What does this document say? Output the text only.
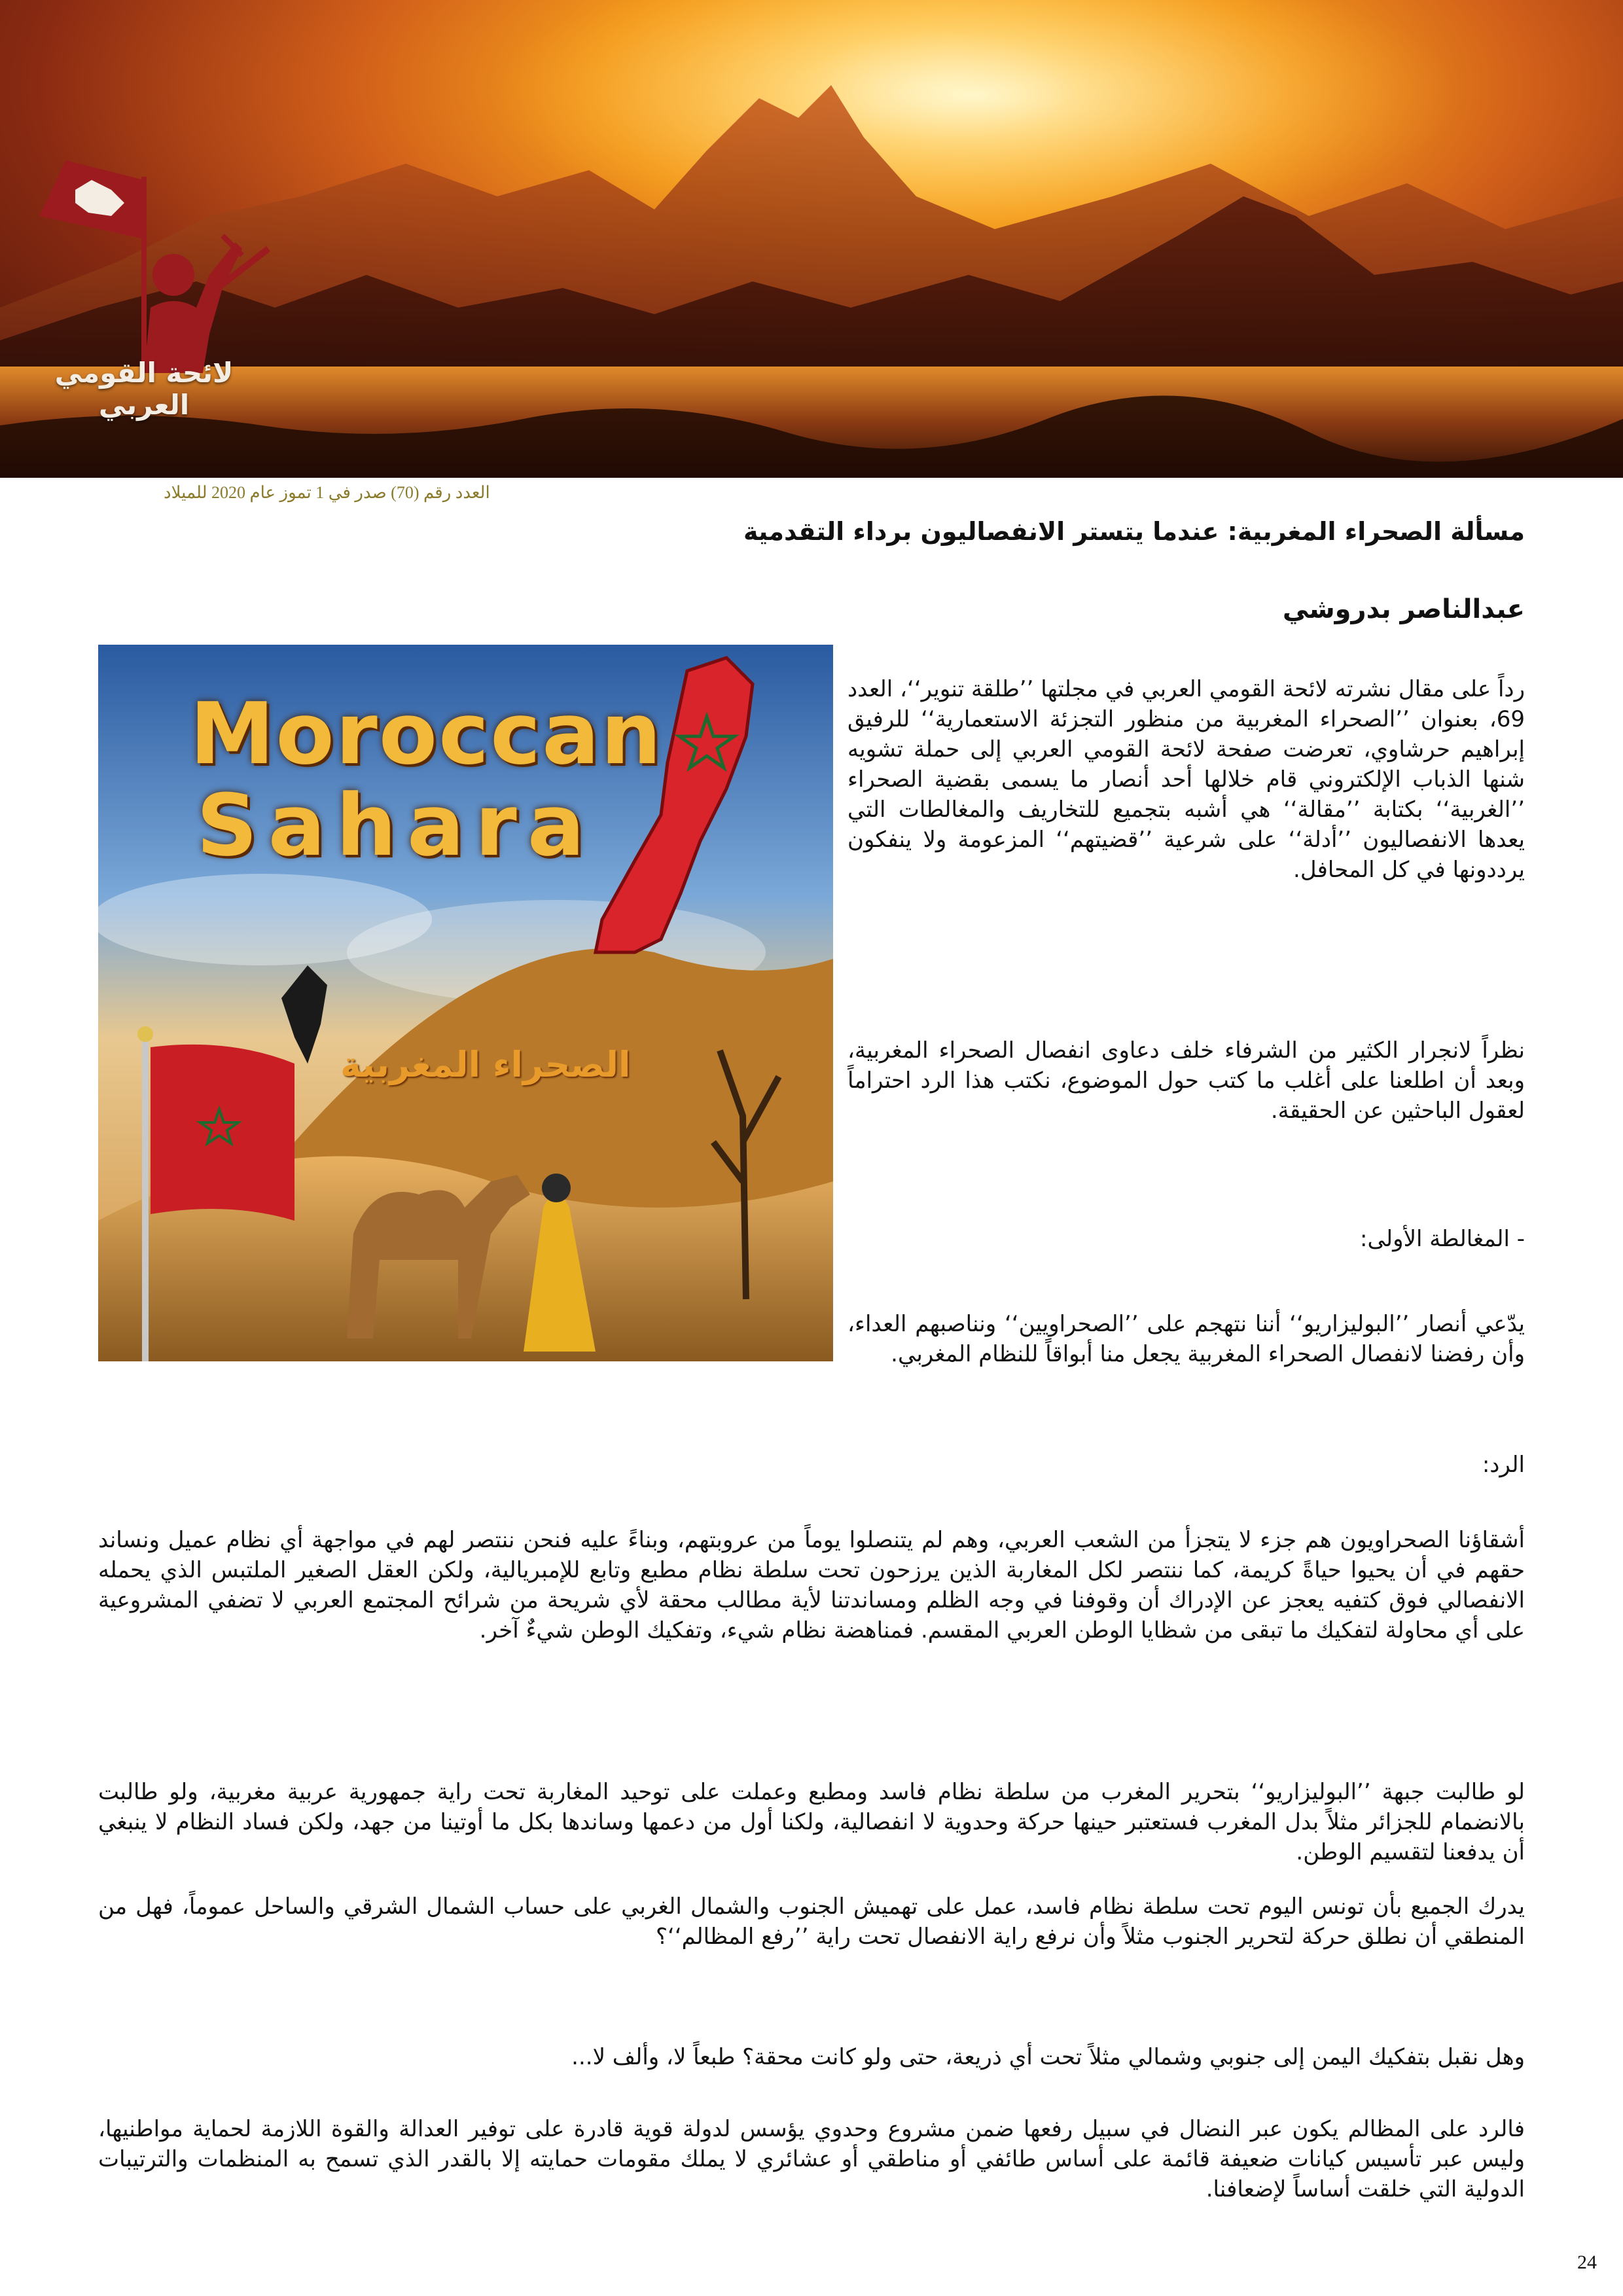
لائحة القومي العربي
العدد رقم (70) صدر في 1 تموز عام 2020 للميلاد
مسألة الصحراء المغربية: عندما يتستر الانفصاليون برداء التقدمية
عبدالناصر بدروشي
Moroccan
Sahara
الصحراء المغربية
رداً على مقال نشرته لائحة القومي العربي في مجلتها ’’طلقة تنوير‘‘، العدد 69، بعنوان ’’الصحراء المغربية من منظور التجزئة الاستعمارية‘‘ للرفيق إبراهيم حرشاوي، تعرضت صفحة لائحة القومي العربي إلى حملة تشويه شنها الذباب الإلكتروني قام خلالها أحد أنصار ما يسمى بقضية الصحراء ’’الغربية‘‘ بكتابة ’’مقالة‘‘ هي أشبه بتجميع للتخاريف والمغالطات التي يعدها الانفصاليون ’’أدلة‘‘ على شرعية ’’قضيتهم‘‘ المزعومة ولا ينفكون يرددونها في كل المحافل.
نظراً لانجرار الكثير من الشرفاء خلف دعاوى انفصال الصحراء المغربية، وبعد أن اطلعنا على أغلب ما كتب حول الموضوع، نكتب هذا الرد احتراماً لعقول الباحثين عن الحقيقة.
- المغالطة الأولى:
يدّعي أنصار ’’البوليزاريو‘‘ أننا نتهجم على ’’الصحراويين‘‘ ونناصبهم العداء، وأن رفضنا لانفصال الصحراء المغربية يجعل منا أبواقاً للنظام المغربي.
الرد:
أشقاؤنا الصحراويون هم جزء لا يتجزأ من الشعب العربي، وهم لم يتنصلوا يوماً من عروبتهم، وبناءً عليه فنحن ننتصر لهم في مواجهة أي نظام عميل ونساند حقهم في أن يحيوا حياةً كريمة، كما ننتصر لكل المغاربة الذين يرزحون تحت سلطة نظام مطبع وتابع للإمبريالية، ولكن العقل الصغير الملتبس الذي يحمله الانفصالي فوق كتفيه يعجز عن الإدراك أن وقوفنا في وجه الظلم ومساندتنا لأية مطالب محقة لأي شريحة من شرائح المجتمع العربي لا تضفي المشروعية على أي محاولة لتفكيك ما تبقى من شظايا الوطن العربي المقسم. فمناهضة نظام شيء، وتفكيك الوطن شيءٌ آخر.
لو طالبت جبهة ’’البوليزاريو‘‘ بتحرير المغرب من سلطة نظام فاسد ومطبع وعملت على توحيد المغاربة تحت راية جمهورية عربية مغربية، ولو طالبت بالانضمام للجزائر مثلاً بدل المغرب فستعتبر حينها حركة وحدوية لا انفصالية، ولكنا أول من دعمها وساندها بكل ما أوتينا من جهد، ولكن فساد النظام لا ينبغي أن يدفعنا لتقسيم الوطن.
يدرك الجميع بأن تونس اليوم تحت سلطة نظام فاسد، عمل على تهميش الجنوب والشمال الغربي على حساب الشمال الشرقي والساحل عموماً، فهل من المنطقي أن نطلق حركة لتحرير الجنوب مثلاً وأن نرفع راية الانفصال تحت راية ’’رفع المظالم‘‘؟
وهل نقبل بتفكيك اليمن إلى جنوبي وشمالي مثلاً تحت أي ذريعة، حتى ولو كانت محقة؟ طبعاً لا، وألف لا...
فالرد على المظالم يكون عبر النضال في سبيل رفعها ضمن مشروع وحدوي يؤسس لدولة قوية قادرة على توفير العدالة والقوة اللازمة لحماية مواطنيها، وليس عبر تأسيس كيانات ضعيفة قائمة على أساس طائفي أو مناطقي أو عشائري لا يملك مقومات حمايته إلا بالقدر الذي تسمح به المنظمات والترتيبات الدولية التي خلقت أساساً لإضعافنا.
24
